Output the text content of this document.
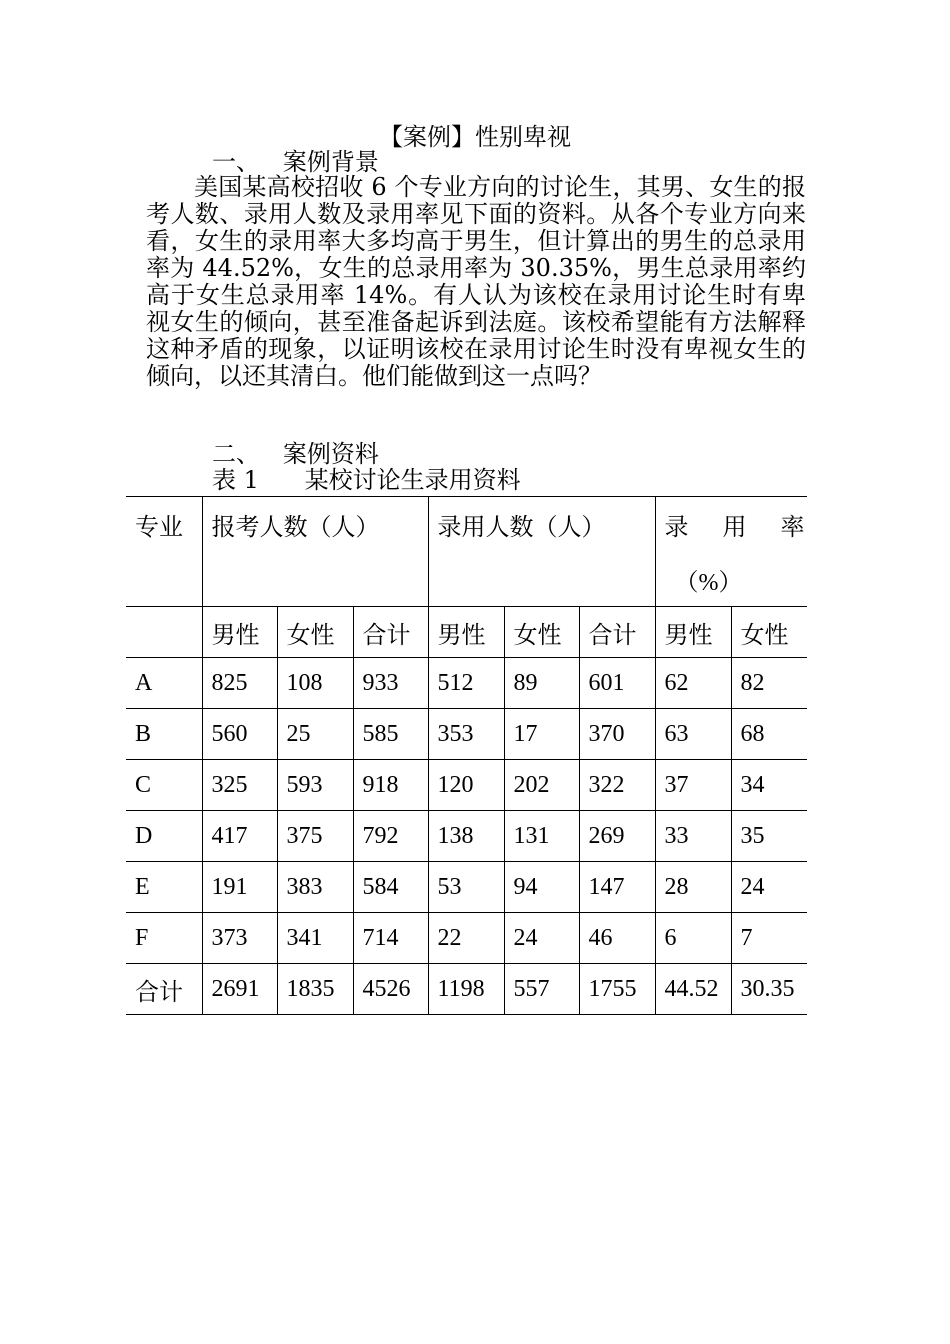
【案例】性别卑视
一、   案例背景

美国某高校招收 6 个专业方向的讨论生，其男、女生的报考人数、录用人数及录用率见下面的资料。从各个专业方向来看，女生的录用率大多均高于男生，但计算出的男生的总录用率为 44.52%，女生的总录用率为 30.35%，男生总录用率约高于女生总录用率 14%。有人认为该校在录用讨论生时有卑视女生的倾向，甚至准备起诉到法庭。该校希望能有方法解释这种矛盾的现象，以证明该校在录用讨论生时没有卑视女生的倾向，以还其清白。他们能做到这一点吗？

二、   案例资料
表 1      某校讨论生录用资料
专业	报考人数（人）			录用人数（人）			录 用 率
（%）	

	男性	女性	合计	男性	女性	合计	男性	女性
A	825	108	933	512	89	601	62	82
B	560	25	585	353	17	370	63	68
C	325	593	918	120	202	322	37	34
D	417	375	792	138	131	269	33	35
E	191	383	584	53	94	147	28	24
F	373	341	714	22	24	46	6	7
合计	2691	1835	4526	1198	557	1755	44.52	30.35
